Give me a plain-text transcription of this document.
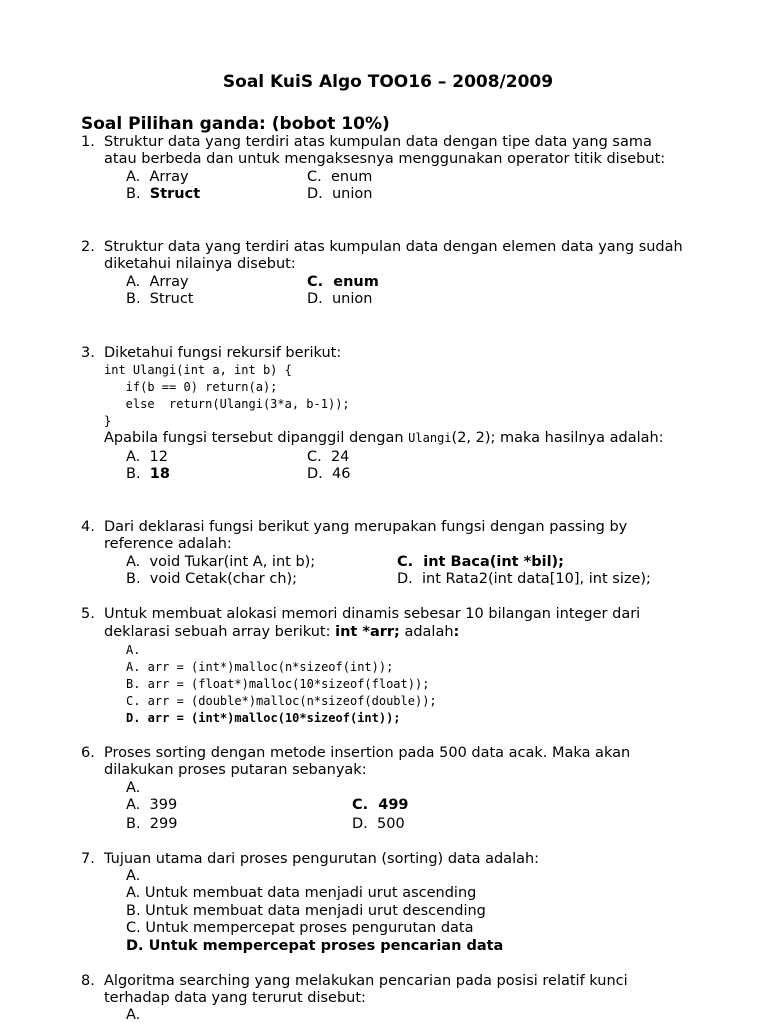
Soal KuiS Algo TOO16 – 2008/2009
Soal Pilihan ganda: (bobot 10%)
1. Struktur data yang terdiri atas kumpulan data dengan tipe data yang sama
atau berbeda dan untuk mengaksesnya menggunakan operator titik disebut:
A.  Array
B. Struct
C.  enum
D.  union
2. Struktur data yang terdiri atas kumpulan data dengan elemen data yang sudah
diketahui nilainya disebut:
A.  Array
B.  Struct
C.  enum
D.  union
3. Diketahui fungsi rekursif berikut:
int Ulangi(int a, int b) {
if(b == 0) return(a);
else  return(Ulangi(3*a, b-1));
}
Apabila fungsi tersebut dipanggil dengan Ulangi(2, 2); maka hasilnya adalah:
A.  12
B. 18
C.  24
D.  46
4. Dari deklarasi fungsi berikut yang merupakan fungsi dengan passing by
reference adalah:
A.  void Tukar(int A, int b);
B.  void Cetak(char ch);
C.  int Baca(int *bil);
D.  int Rata2(int data[10], int size);
5. Untuk membuat alokasi memori dinamis sebesar 10 bilangan integer dari
deklarasi sebuah array berikut: int *arr; adalah:
A.
A. arr = (int*)malloc(n*sizeof(int));
B. arr = (float*)malloc(10*sizeof(float));
C. arr = (double*)malloc(n*sizeof(double));
D. arr = (int*)malloc(10*sizeof(int));
6. Proses sorting dengan metode insertion pada 500 data acak. Maka akan
dilakukan proses putaran sebanyak:
A.
A.  399
B.  299
C.  499
D.  500
7. Tujuan utama dari proses pengurutan (sorting) data adalah:
A.
A. Untuk membuat data menjadi urut ascending
B. Untuk membuat data menjadi urut descending
C. Untuk mempercepat proses pengurutan data
D. Untuk mempercepat proses pencarian data
8. Algoritma searching yang melakukan pencarian pada posisi relatif kunci
terhadap data yang terurut disebut:
A.
